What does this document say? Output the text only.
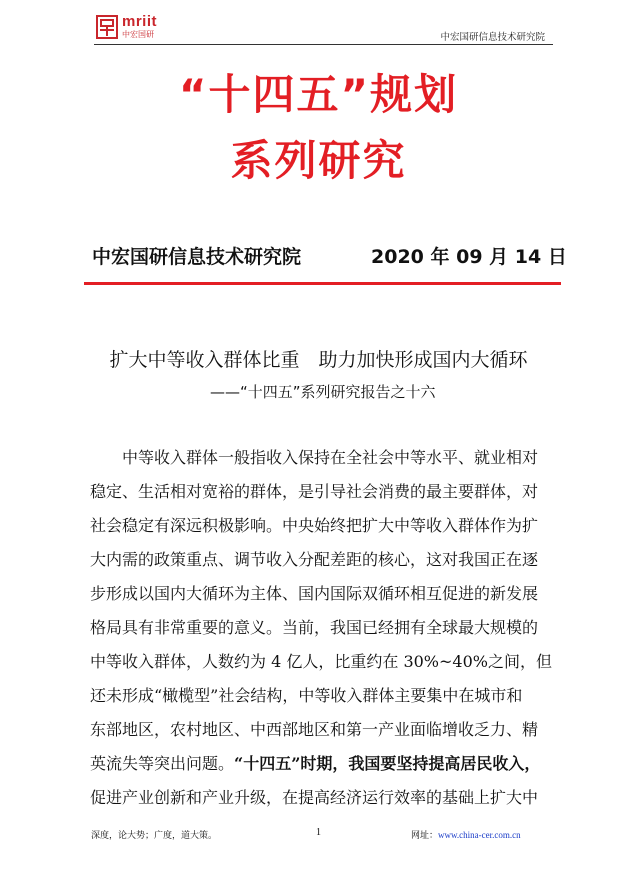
mriit
中宏国研	中宏国研信息技术研究院
“十四五”规划
系列研究
中宏国研信息技术研究院	2020 年 09 月 14 日
扩大中等收入群体比重　助力加快形成国内大循环
——“十四五”系列研究报告之十六
　　中等收入群体一般指收入保持在全社会中等水平、就业相对
稳定、生活相对宽裕的群体，是引导社会消费的最主要群体，对
社会稳定有深远积极影响。中央始终把扩大中等收入群体作为扩
大内需的政策重点、调节收入分配差距的核心，这对我国正在逐
步形成以国内大循环为主体、国内国际双循环相互促进的新发展
格局具有非常重要的意义。当前，我国已经拥有全球最大规模的
中等收入群体，人数约为 4 亿人，比重约在 30%~40%之间，但
还未形成“橄榄型”社会结构，中等收入群体主要集中在城市和
东部地区，农村地区、中西部地区和第一产业面临增收乏力、精
英流失等突出问题。“十四五”时期，我国要坚持提高居民收入，
促进产业创新和产业升级，在提高经济运行效率的基础上扩大中
深度，论大势；广度，道大策。	1	网址：www.china-cer.com.cn
